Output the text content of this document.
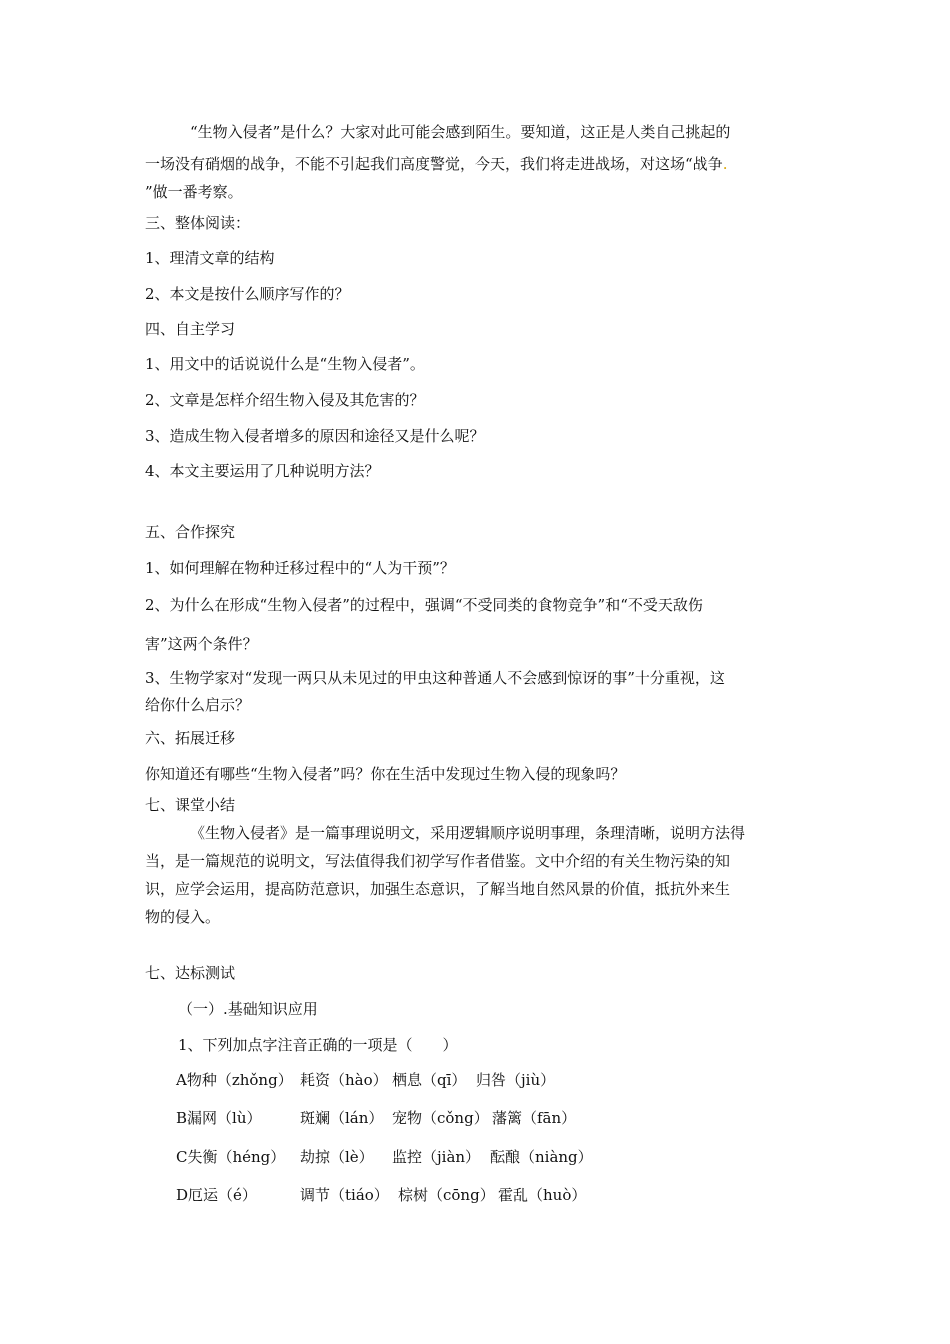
“生物入侵者”是什么？大家对此可能会感到陌生。要知道，这正是人类自己挑起的
一场没有硝烟的战争，不能不引起我们高度警觉，今天，我们将走进战场，对这场“战争.
”做一番考察。
三、整体阅读：
1、理清文章的结构
2、本文是按什么顺序写作的？
四、自主学习
1、用文中的话说说什么是“生物入侵者”。
2、文章是怎样介绍生物入侵及其危害的？
3、造成生物入侵者增多的原因和途径又是什么呢？
4、本文主要运用了几种说明方法？
五、合作探究
1、如何理解在物种迁移过程中的“人为干预”？
2、为什么在形成“生物入侵者”的过程中，强调“不受同类的食物竞争”和“不受天敌伤
害”这两个条件？
3、生物学家对“发现一两只从未见过的甲虫这种普通人不会感到惊讶的事”十分重视，这
给你什么启示？
六、拓展迁移
你知道还有哪些“生物入侵者”吗？你在生活中发现过生物入侵的现象吗？
七、课堂小结
《生物入侵者》是一篇事理说明文，采用逻辑顺序说明事理，条理清晰，说明方法得
当，是一篇规范的说明文，写法值得我们初学写作者借鉴。文中介绍的有关生物污染的知
识，应学会运用，提高防范意识，加强生态意识，了解当地自然风景的价值，抵抗外来生
物的侵入。
七、达标测试
（一）.基础知识应用
1、下列加点字注音正确的一项是（　　）
A物种（zhǒng） 耗资（hào） 栖息（qī） 归咎（jiù）
B漏网（lù）	斑斓（lán） 宠物（cǒng） 藩篱（fān）
C失衡（héng） 劫掠（lè） 监控（jiàn） 酝酿（niàng）
D厄运（é）	调节（tiáo） 棕树（cōng） 霍乱（huò）
